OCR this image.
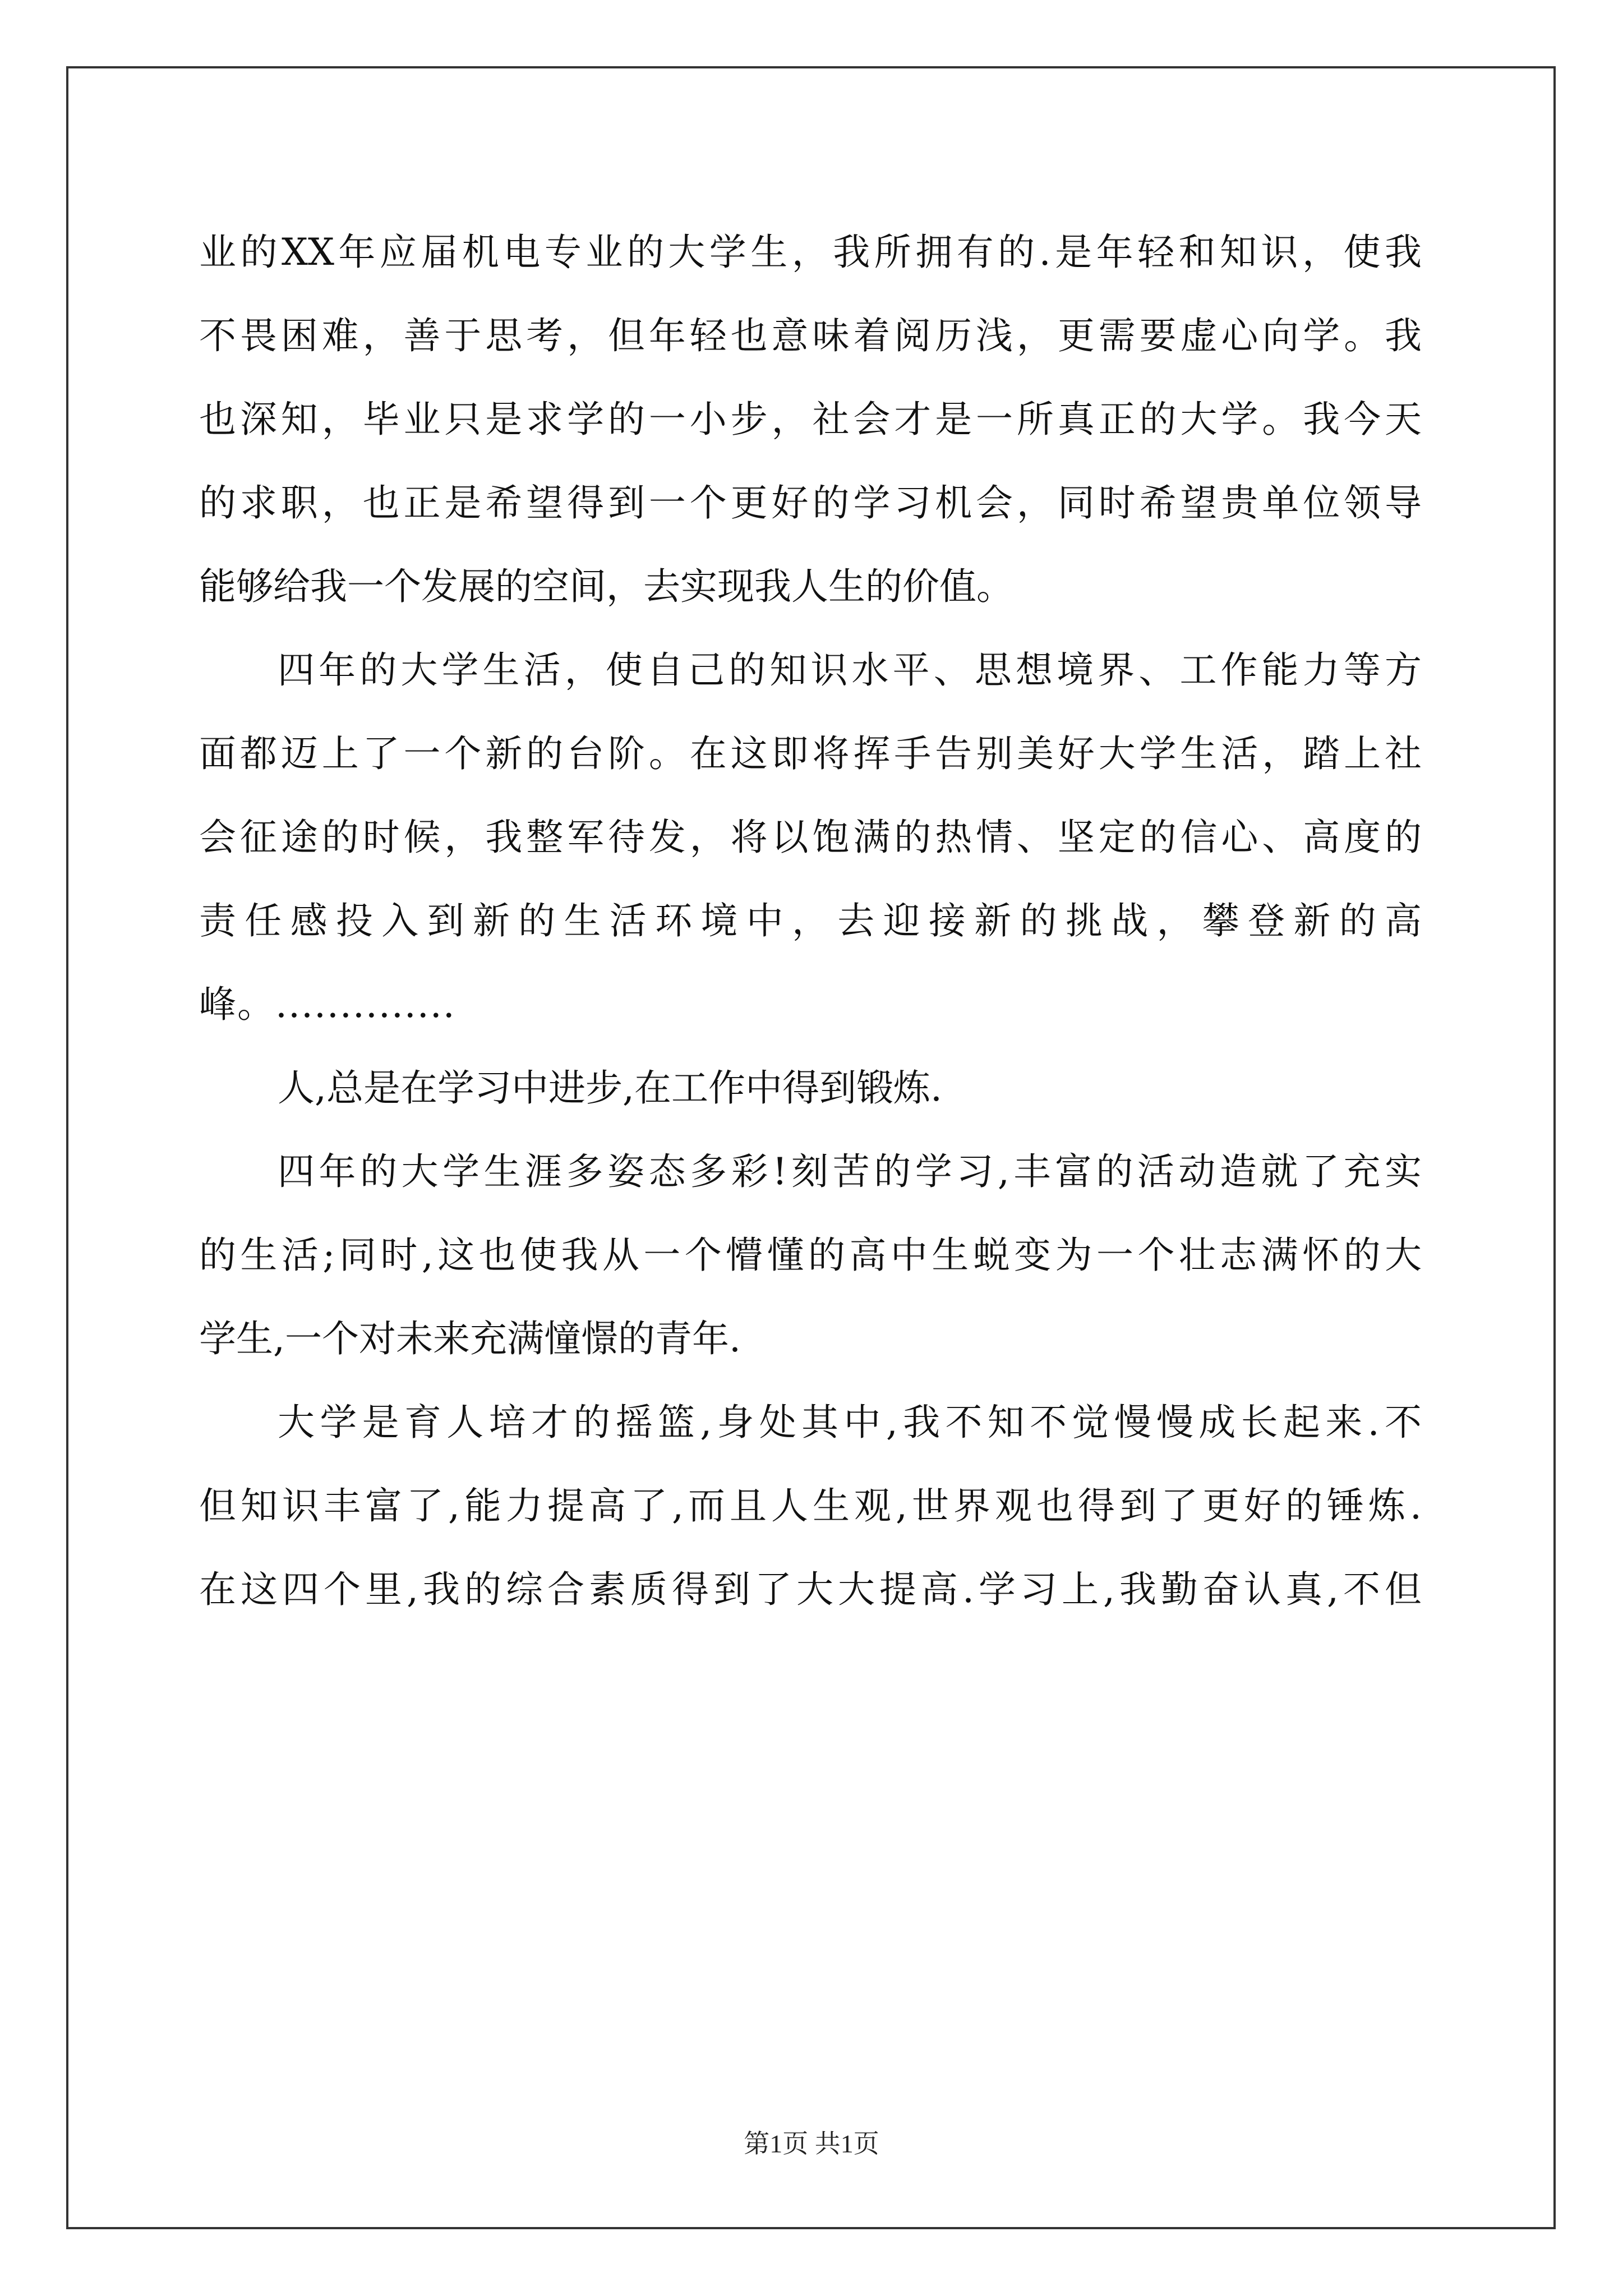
业的XX年应届机电专业的大学生，我所拥有的.是年轻和知识，使我
不畏困难，善于思考，但年轻也意味着阅历浅，更需要虚心向学。我
也深知，毕业只是求学的一小步，社会才是一所真正的大学。我今天
的求职，也正是希望得到一个更好的学习机会，同时希望贵单位领导
能够给我一个发展的空间，去实现我人生的价值。

四年的大学生活，使自己的知识水平、思想境界、工作能力等方
面都迈上了一个新的台阶。在这即将挥手告别美好大学生活，踏上社
会征途的时候，我整军待发，将以饱满的热情、坚定的信心、高度的
责任感投入到新的生活环境中，去迎接新的挑战，攀登新的高
峰。..............

人,总是在学习中进步,在工作中得到锻炼.

四年的大学生涯多姿态多彩!刻苦的学习,丰富的活动造就了充实
的生活;同时,这也使我从一个懵懂的高中生蜕变为一个壮志满怀的大
学生,一个对未来充满憧憬的青年.

大学是育人培才的摇篮,身处其中,我不知不觉慢慢成长起来.不
但知识丰富了,能力提高了,而且人生观,世界观也得到了更好的锤炼.
在这四个里,我的综合素质得到了大大提高.学习上,我勤奋认真,不但

第1页 共1页
